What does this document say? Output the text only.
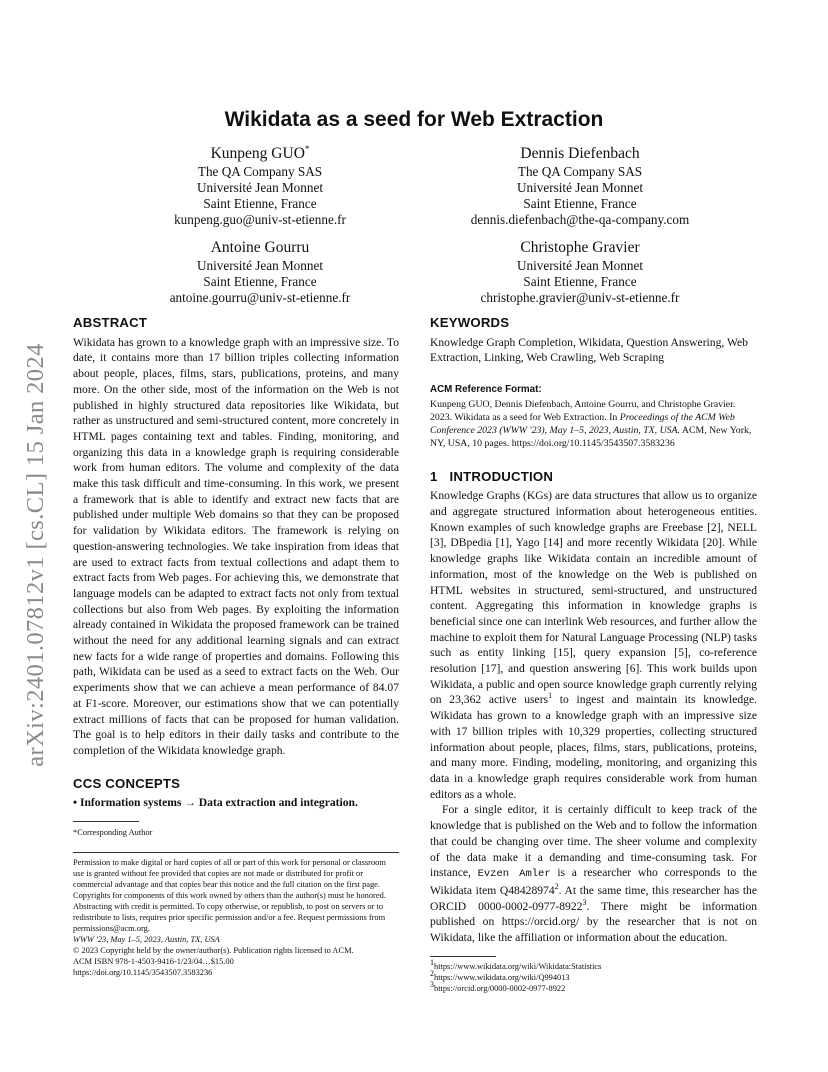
arXiv:2401.07812v1 [cs.CL] 15 Jan 2024
Wikidata as a seed for Web Extraction
Kunpeng GUO*
The QA Company SAS
Université Jean Monnet
Saint Etienne, France
kunpeng.guo@univ-st-etienne.fr
Dennis Diefenbach
The QA Company SAS
Université Jean Monnet
Saint Etienne, France
dennis.diefenbach@the-qa-company.com
Antoine Gourru
Université Jean Monnet
Saint Etienne, France
antoine.gourru@univ-st-etienne.fr
Christophe Gravier
Université Jean Monnet
Saint Etienne, France
christophe.gravier@univ-st-etienne.fr
ABSTRACT

Wikidata has grown to a knowledge graph with an impressive size. To date, it contains more than 17 billion triples collecting information about people, places, films, stars, publications, proteins, and many more. On the other side, most of the information on the Web is not published in highly structured data repositories like Wikidata, but rather as unstructured and semi-structured content, more concretely in HTML pages containing text and tables. Finding, monitoring, and organizing this data in a knowledge graph is requiring considerable work from human editors. The volume and complexity of the data make this task difficult and time-consuming. In this work, we present a framework that is able to identify and extract new facts that are published under multiple Web domains so that they can be proposed for validation by Wikidata editors. The framework is relying on question-answering technologies. We take inspiration from ideas that are used to extract facts from textual collections and adapt them to extract facts from Web pages. For achieving this, we demonstrate that language models can be adapted to extract facts not only from textual collections but also from Web pages. By exploiting the information already contained in Wikidata the proposed framework can be trained without the need for any additional learning signals and can extract new facts for a wide range of properties and domains. Following this path, Wikidata can be used as a seed to extract facts on the Web. Our experiments show that we can achieve a mean performance of 84.07 at F1-score. Moreover, our estimations show that we can potentially extract millions of facts that can be proposed for human validation. The goal is to help editors in their daily tasks and contribute to the completion of the Wikidata knowledge graph.

CCS CONCEPTS

• Information systems → Data extraction and integration.

*Corresponding Author

Permission to make digital or hard copies of all or part of this work for personal or classroom use is granted without fee provided that copies are not made or distributed for profit or commercial advantage and that copies bear this notice and the full citation on the first page. Copyrights for components of this work owned by others than the author(s) must be honored. Abstracting with credit is permitted. To copy otherwise, or republish, to post on servers or to redistribute to lists, requires prior specific permission and/or a fee. Request permissions from permissions@acm.org.

WWW '23, May 1–5, 2023, Austin, TX, USA

© 2023 Copyright held by the owner/author(s). Publication rights licensed to ACM.

ACM ISBN 978-1-4503-9416-1/23/04…$15.00

https://doi.org/10.1145/3543507.3583236

KEYWORDS

Knowledge Graph Completion, Wikidata, Question Answering, Web Extraction, Linking, Web Crawling, Web Scraping

ACM Reference Format:

Kunpeng GUO, Dennis Diefenbach, Antoine Gourru, and Christophe Gravier. 2023. Wikidata as a seed for Web Extraction. In Proceedings of the ACM Web Conference 2023 (WWW '23), May 1–5, 2023, Austin, TX, USA. ACM, New York, NY, USA, 10 pages. https://doi.org/10.1145/3543507.3583236

1 INTRODUCTION

Knowledge Graphs (KGs) are data structures that allow us to organize and aggregate structured information about heterogeneous entities. Known examples of such knowledge graphs are Freebase [2], NELL [3], DBpedia [1], Yago [14] and more recently Wikidata [20]. While knowledge graphs like Wikidata contain an incredible amount of information, most of the knowledge on the Web is published on HTML websites in structured, semi-structured, and unstructured content. Aggregating this information in knowledge graphs is beneficial since one can interlink Web resources, and further allow the machine to exploit them for Natural Language Processing (NLP) tasks such as entity linking [15], query expansion [5], co-reference resolution [17], and question answering [6]. This work builds upon Wikidata, a public and open source knowledge graph currently relying on 23,362 active users$^1$ to ingest and maintain its knowledge. Wikidata has grown to a knowledge graph with an impressive size with 17 billion triples with 10,329 properties, collecting structured information about people, places, films, stars, publications, proteins, and many more. Finding, modeling, monitoring, and organizing this data in a knowledge graph requires considerable work from human editors as a whole.

For a single editor, it is certainly difficult to keep track of the knowledge that is published on the Web and to follow the information that could be changing over time. The sheer volume and complexity of the data make it a demanding and time-consuming task. For instance, Evzen Amler is a researcher who corresponds to the Wikidata item Q48428974$^2$. At the same time, this researcher has the ORCID 0000-0002-0977-8922$^3$. There might be information published on https://orcid.org/ by the researcher that is not on Wikidata, like the affiliation or information about the education.

$^1$https://www.wikidata.org/wiki/Wikidata:Statistics

$^2$https://www.wikidata.org/wiki/Q994013

$^3$https://orcid.org/0000-0002-0977-8922
